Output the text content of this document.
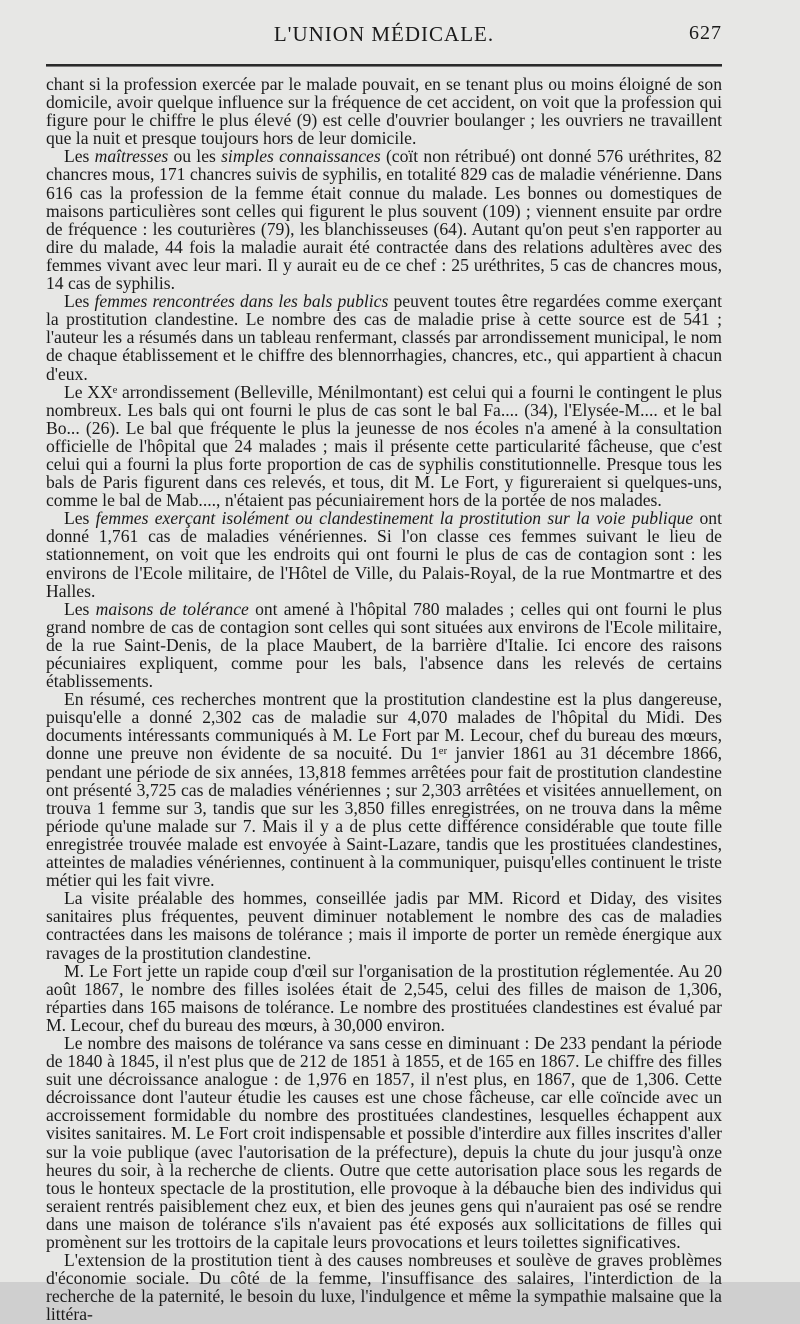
L'UNION MÉDICALE.	627

chant si la profession exercée par le malade pouvait, en se tenant plus ou moins éloigné de son domicile, avoir quelque influence sur la fréquence de cet accident, on voit que la profession qui figure pour le chiffre le plus élevé (9) est celle d'ouvrier boulanger ; les ouvriers ne travaillent que la nuit et presque toujours hors de leur domicile.

Les maîtresses ou les simples connaissances (coït non rétribué) ont donné 576 uréthrites, 82 chancres mous, 171 chancres suivis de syphilis, en totalité 829 cas de maladie vénérienne. Dans 616 cas la profession de la femme était connue du malade. Les bonnes ou domestiques de maisons particulières sont celles qui figurent le plus souvent (109) ; viennent ensuite par ordre de fréquence : les couturières (79), les blanchisseuses (64). Autant qu'on peut s'en rapporter au dire du malade, 44 fois la maladie aurait été contractée dans des relations adultères avec des femmes vivant avec leur mari. Il y aurait eu de ce chef : 25 uréthrites, 5 cas de chancres mous, 14 cas de syphilis.

Les femmes rencontrées dans les bals publics peuvent toutes être regardées comme exerçant la prostitution clandestine. Le nombre des cas de maladie prise à cette source est de 541 ; l'auteur les a résumés dans un tableau renfermant, classés par arrondissement municipal, le nom de chaque établissement et le chiffre des blennorrhagies, chancres, etc., qui appartient à chacun d'eux.

Le XXᵉ arrondissement (Belleville, Ménilmontant) est celui qui a fourni le contingent le plus nombreux. Les bals qui ont fourni le plus de cas sont le bal Fa.... (34), l'Elysée-M.... et le bal Bo... (26). Le bal que fréquente le plus la jeunesse de nos écoles n'a amené à la consultation officielle de l'hôpital que 24 malades ; mais il présente cette particularité fâcheuse, que c'est celui qui a fourni la plus forte proportion de cas de syphilis constitutionnelle. Presque tous les bals de Paris figurent dans ces relevés, et tous, dit M. Le Fort, y figureraient si quelques-uns, comme le bal de Mab...., n'étaient pas pécuniairement hors de la portée de nos malades.

Les femmes exerçant isolément ou clandestinement la prostitution sur la voie publique ont donné 1,761 cas de maladies vénériennes. Si l'on classe ces femmes suivant le lieu de stationnement, on voit que les endroits qui ont fourni le plus de cas de contagion sont : les environs de l'Ecole militaire, de l'Hôtel de Ville, du Palais-Royal, de la rue Montmartre et des Halles.

Les maisons de tolérance ont amené à l'hôpital 780 malades ; celles qui ont fourni le plus grand nombre de cas de contagion sont celles qui sont situées aux environs de l'Ecole militaire, de la rue Saint-Denis, de la place Maubert, de la barrière d'Italie. Ici encore des raisons pécuniaires expliquent, comme pour les bals, l'absence dans les relevés de certains établissements.

En résumé, ces recherches montrent que la prostitution clandestine est la plus dangereuse, puisqu'elle a donné 2,302 cas de maladie sur 4,070 malades de l'hôpital du Midi. Des documents intéressants communiqués à M. Le Fort par M. Lecour, chef du bureau des mœurs, donne une preuve non évidente de sa nocuité. Du 1ᵉʳ janvier 1861 au 31 décembre 1866, pendant une période de six années, 13,818 femmes arrêtées pour fait de prostitution clandestine ont présenté 3,725 cas de maladies vénériennes ; sur 2,303 arrêtées et visitées annuellement, on trouva 1 femme sur 3, tandis que sur les 3,850 filles enregistrées, on ne trouva dans la même période qu'une malade sur 7. Mais il y a de plus cette différence considérable que toute fille enregistrée trouvée malade est envoyée à Saint-Lazare, tandis que les prostituées clandestines, atteintes de maladies vénériennes, continuent à la communiquer, puisqu'elles continuent le triste métier qui les fait vivre.

La visite préalable des hommes, conseillée jadis par MM. Ricord et Diday, des visites sanitaires plus fréquentes, peuvent diminuer notablement le nombre des cas de maladies contractées dans les maisons de tolérance ; mais il importe de porter un remède énergique aux ravages de la prostitution clandestine.

M. Le Fort jette un rapide coup d'œil sur l'organisation de la prostitution réglementée. Au 20 août 1867, le nombre des filles isolées était de 2,545, celui des filles de maison de 1,306, réparties dans 165 maisons de tolérance. Le nombre des prostituées clandestines est évalué par M. Lecour, chef du bureau des mœurs, à 30,000 environ.

Le nombre des maisons de tolérance va sans cesse en diminuant : De 233 pendant la période de 1840 à 1845, il n'est plus que de 212 de 1851 à 1855, et de 165 en 1867. Le chiffre des filles suit une décroissance analogue : de 1,976 en 1857, il n'est plus, en 1867, que de 1,306. Cette décroissance dont l'auteur étudie les causes est une chose fâcheuse, car elle coïncide avec un accroissement formidable du nombre des prostituées clandestines, lesquelles échappent aux visites sanitaires. M. Le Fort croit indispensable et possible d'interdire aux filles inscrites d'aller sur la voie publique (avec l'autorisation de la préfecture), depuis la chute du jour jusqu'à onze heures du soir, à la recherche de clients. Outre que cette autorisation place sous les regards de tous le honteux spectacle de la prostitution, elle provoque à la débauche bien des individus qui seraient rentrés paisiblement chez eux, et bien des jeunes gens qui n'auraient pas osé se rendre dans une maison de tolérance s'ils n'avaient pas été exposés aux sollicitations de filles qui promènent sur les trottoirs de la capitale leurs provocations et leurs toilettes significatives.

L'extension de la prostitution tient à des causes nombreuses et soulève de graves problèmes d'économie sociale. Du côté de la femme, l'insuffisance des salaires, l'interdiction de la recherche de la paternité, le besoin du luxe, l'indulgence et même la sympathie malsaine que la littéra-
